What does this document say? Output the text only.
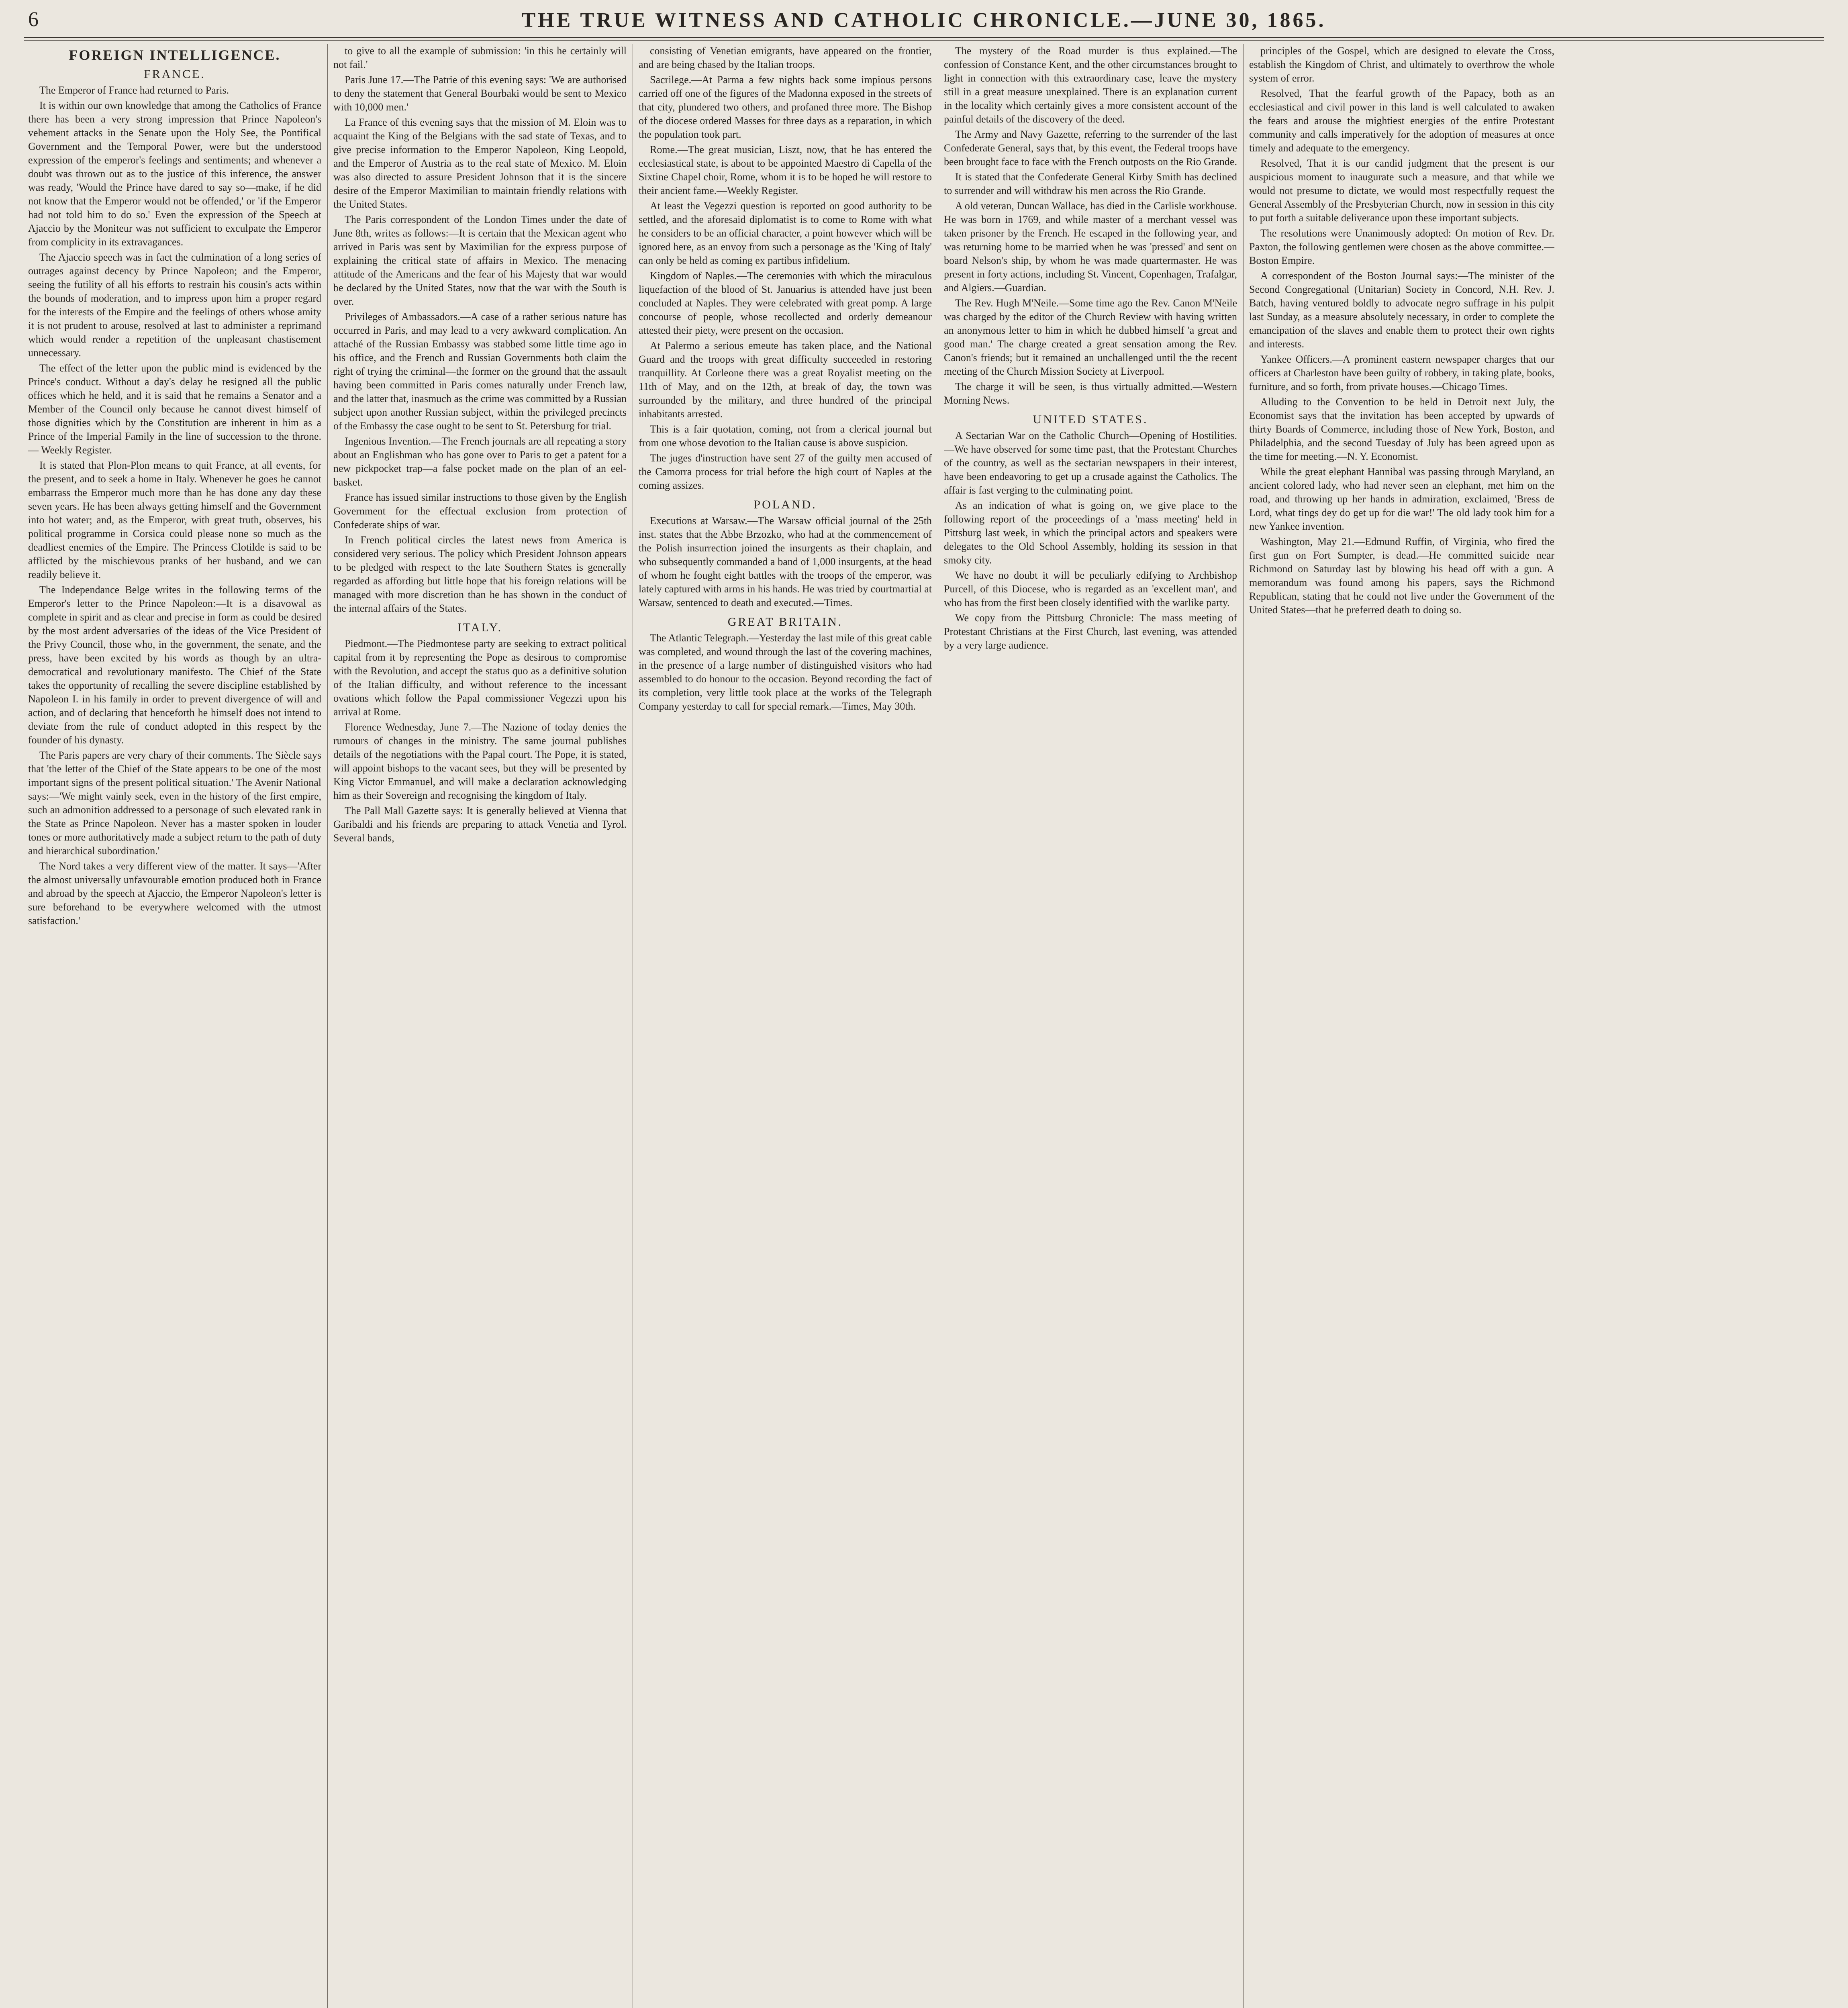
6	THE TRUE WITNESS AND CATHOLIC CHRONICLE.—JUNE 30, 1865.
FOREIGN INTELLIGENCE.
FRANCE.

The Emperor of France had returned to Paris.

It is within our own knowledge that among the Catholics of France there has been a very strong impression that Prince Napoleon's vehement attacks in the Senate upon the Holy See, the Pontifical Government and the Temporal Power, were but the understood expression of the emperor's feelings and sentiments; and whenever a doubt was thrown out as to the justice of this inference, the answer was ready, 'Would the Prince have dared to say so—make, if he did not know that the Emperor would not be offended,' or 'if the Emperor had not told him to do so.' Even the expression of the Speech at Ajaccio by the Moniteur was not sufficient to exculpate the Emperor from complicity in its extravagances.

The Ajaccio speech was in fact the culmination of a long series of outrages against decency by Prince Napoleon; and the Emperor, seeing the futility of all his efforts to restrain his cousin's acts within the bounds of moderation, and to impress upon him a proper regard for the interests of the Empire and the feelings of others whose amity it is not prudent to arouse, resolved at last to administer a reprimand which would render a repetition of the unpleasant chastisement unnecessary.

The effect of the letter upon the public mind is evidenced by the Prince's conduct. Without a day's delay he resigned all the public offices which he held, and it is said that he remains a Senator and a Member of the Council only because he cannot divest himself of those dignities which by the Constitution are inherent in him as a Prince of the Imperial Family in the line of succession to the throne. — Weekly Register.

It is stated that Plon-Plon means to quit France, at all events, for the present, and to seek a home in Italy. Whenever he goes he cannot embarrass the Emperor much more than he has done any day these seven years. He has been always getting himself and the Government into hot water; and, as the Emperor, with great truth, observes, his political programme in Corsica could please none so much as the deadliest enemies of the Empire. The Princess Clotilde is said to be afflicted by the mischievous pranks of her husband, and we can readily believe it.

The Independance Belge writes in the following terms of the Emperor's letter to the Prince Napoleon:—It is a disavowal as complete in spirit and as clear and precise in form as could be desired by the most ardent adversaries of the ideas of the Vice President of the Privy Council, those who, in the government, the senate, and the press, have been excited by his words as though by an ultra-democratical and revolutionary manifesto. The Chief of the State takes the opportunity of recalling the severe discipline established by Napoleon I. in his family in order to prevent divergence of will and action, and of declaring that henceforth he himself does not intend to deviate from the rule of conduct adopted in this respect by the founder of his dynasty.

The Paris papers are very chary of their comments. The Siècle says that 'the letter of the Chief of the State appears to be one of the most important signs of the present political situation.' The Avenir National says:—'We might vainly seek, even in the history of the first empire, such an admonition addressed to a personage of such elevated rank in the State as Prince Napoleon. Never has a master spoken in louder tones or more authoritatively made a subject return to the path of duty and hierarchical subordination.'

The Nord takes a very different view of the matter. It says—'After the almost universally unfavourable emotion produced both in France and abroad by the speech at Ajaccio, the Emperor Napoleon's letter is sure beforehand to be everywhere welcomed with the utmost satisfaction.'

to give to all the example of submission: 'in this he certainly will not fail.'

Paris June 17.—The Patrie of this evening says: 'We are authorised to deny the statement that General Bourbaki would be sent to Mexico with 10,000 men.'

La France of this evening says that the mission of M. Eloin was to acquaint the King of the Belgians with the sad state of Texas, and to give precise information to the Emperor Napoleon, King Leopold, and the Emperor of Austria as to the real state of Mexico. M. Eloin was also directed to assure President Johnson that it is the sincere desire of the Emperor Maximilian to maintain friendly relations with the United States.

The Paris correspondent of the London Times under the date of June 8th, writes as follows:—It is certain that the Mexican agent who arrived in Paris was sent by Maximilian for the express purpose of explaining the critical state of affairs in Mexico. The menacing attitude of the Americans and the fear of his Majesty that war would be declared by the United States, now that the war with the South is over.

Privileges of Ambassadors.—A case of a rather serious nature has occurred in Paris, and may lead to a very awkward complication. An attaché of the Russian Embassy was stabbed some little time ago in his office, and the French and Russian Governments both claim the right of trying the criminal—the former on the ground that the assault having been committed in Paris comes naturally under French law, and the latter that, inasmuch as the crime was committed by a Russian subject upon another Russian subject, within the privileged precincts of the Embassy the case ought to be sent to St. Petersburg for trial.

Ingenious Invention.—The French journals are all repeating a story about an Englishman who has gone over to Paris to get a patent for a new pickpocket trap—a false pocket made on the plan of an eel-basket.

France has issued similar instructions to those given by the English Government for the effectual exclusion from protection of Confederate ships of war.

In French political circles the latest news from America is considered very serious. The policy which President Johnson appears to be pledged with respect to the late Southern States is generally regarded as affording but little hope that his foreign relations will be managed with more discretion than he has shown in the conduct of the internal affairs of the States.

ITALY.

Piedmont.—The Piedmontese party are seeking to extract political capital from it by representing the Pope as desirous to compromise with the Revolution, and accept the status quo as a definitive solution of the Italian difficulty, and without reference to the incessant ovations which follow the Papal commissioner Vegezzi upon his arrival at Rome.

Florence Wednesday, June 7.—The Nazione of today denies the rumours of changes in the ministry. The same journal publishes details of the negotiations with the Papal court. The Pope, it is stated, will appoint bishops to the vacant sees, but they will be presented by King Victor Emmanuel, and will make a declaration acknowledging him as their Sovereign and recognising the kingdom of Italy.

The Pall Mall Gazette says: It is generally believed at Vienna that Garibaldi and his friends are preparing to attack Venetia and Tyrol. Several bands,

consisting of Venetian emigrants, have appeared on the frontier, and are being chased by the Italian troops.

Sacrilege.—At Parma a few nights back some impious persons carried off one of the figures of the Madonna exposed in the streets of that city, plundered two others, and profaned three more. The Bishop of the diocese ordered Masses for three days as a reparation, in which the population took part.

Rome.—The great musician, Liszt, now, that he has entered the ecclesiastical state, is about to be appointed Maestro di Capella of the Sixtine Chapel choir, Rome, whom it is to be hoped he will restore to their ancient fame.—Weekly Register.

At least the Vegezzi question is reported on good authority to be settled, and the aforesaid diplomatist is to come to Rome with what he considers to be an official character, a point however which will be ignored here, as an envoy from such a personage as the 'King of Italy' can only be held as coming ex partibus infidelium.

Kingdom of Naples.—The ceremonies with which the miraculous liquefaction of the blood of St. Januarius is attended have just been concluded at Naples. They were celebrated with great pomp. A large concourse of people, whose recollected and orderly demeanour attested their piety, were present on the occasion.

At Palermo a serious emeute has taken place, and the National Guard and the troops with great difficulty succeeded in restoring tranquillity. At Corleone there was a great Royalist meeting on the 11th of May, and on the 12th, at break of day, the town was surrounded by the military, and three hundred of the principal inhabitants arrested.

This is a fair quotation, coming, not from a clerical journal but from one whose devotion to the Italian cause is above suspicion.

The juges d'instruction have sent 27 of the guilty men accused of the Camorra process for trial before the high court of Naples at the coming assizes.

POLAND.

Executions at Warsaw.—The Warsaw official journal of the 25th inst. states that the Abbe Brzozko, who had at the commencement of the Polish insurrection joined the insurgents as their chaplain, and who subsequently commanded a band of 1,000 insurgents, at the head of whom he fought eight battles with the troops of the emperor, was lately captured with arms in his hands. He was tried by courtmartial at Warsaw, sentenced to death and executed.—Times.

GREAT BRITAIN.

The Atlantic Telegraph.—Yesterday the last mile of this great cable was completed, and wound through the last of the covering machines, in the presence of a large number of distinguished visitors who had assembled to do honour to the occasion. Beyond recording the fact of its completion, very little took place at the works of the Telegraph Company yesterday to call for special remark.—Times, May 30th.

The mystery of the Road murder is thus explained.—The confession of Constance Kent, and the other circumstances brought to light in connection with this extraordinary case, leave the mystery still in a great measure unexplained. There is an explanation current in the locality which certainly gives a more consistent account of the painful details of the discovery of the deed.

The Army and Navy Gazette, referring to the surrender of the last Confederate General, says that, by this event, the Federal troops have been brought face to face with the French outposts on the Rio Grande.

It is stated that the Confederate General Kirby Smith has declined to surrender and will withdraw his men across the Rio Grande.

A old veteran, Duncan Wallace, has died in the Carlisle workhouse. He was born in 1769, and while master of a merchant vessel was taken prisoner by the French. He escaped in the following year, and was returning home to be married when he was 'pressed' and sent on board Nelson's ship, by whom he was made quartermaster. He was present in forty actions, including St. Vincent, Copenhagen, Trafalgar, and Algiers.—Guardian.

The Rev. Hugh M'Neile.—Some time ago the Rev. Canon M'Neile was charged by the editor of the Church Review with having written an anonymous letter to him in which he dubbed himself 'a great and good man.' The charge created a great sensation among the Rev. Canon's friends; but it remained an unchallenged until the the recent meeting of the Church Mission Society at Liverpool.

The charge it will be seen, is thus virtually admitted.—Western Morning News.

UNITED STATES.

A Sectarian War on the Catholic Church—Opening of Hostilities.—We have observed for some time past, that the Protestant Churches of the country, as well as the sectarian newspapers in their interest, have been endeavoring to get up a crusade against the Catholics. The affair is fast verging to the culminating point.

As an indication of what is going on, we give place to the following report of the proceedings of a 'mass meeting' held in Pittsburg last week, in which the principal actors and speakers were delegates to the Old School Assembly, holding its session in that smoky city.

We have no doubt it will be peculiarly edifying to Archbishop Purcell, of this Diocese, who is regarded as an 'excellent man', and who has from the first been closely identified with the warlike party.

We copy from the Pittsburg Chronicle: The mass meeting of Protestant Christians at the First Church, last evening, was attended by a very large audience.

principles of the Gospel, which are designed to elevate the Cross, establish the Kingdom of Christ, and ultimately to overthrow the whole system of error.

Resolved, That the fearful growth of the Papacy, both as an ecclesiastical and civil power in this land is well calculated to awaken the fears and arouse the mightiest energies of the entire Protestant community and calls imperatively for the adoption of measures at once timely and adequate to the emergency.

Resolved, That it is our candid judgment that the present is our auspicious moment to inaugurate such a measure, and that while we would not presume to dictate, we would most respectfully request the General Assembly of the Presbyterian Church, now in session in this city to put forth a suitable deliverance upon these important subjects.

The resolutions were Unanimously adopted: On motion of Rev. Dr. Paxton, the following gentlemen were chosen as the above committee.—Boston Empire.

A correspondent of the Boston Journal says:—The minister of the Second Congregational (Unitarian) Society in Concord, N.H. Rev. J. Batch, having ventured boldly to advocate negro suffrage in his pulpit last Sunday, as a measure absolutely necessary, in order to complete the emancipation of the slaves and enable them to protect their own rights and interests.

Yankee Officers.—A prominent eastern newspaper charges that our officers at Charleston have been guilty of robbery, in taking plate, books, furniture, and so forth, from private houses.—Chicago Times.

Alluding to the Convention to be held in Detroit next July, the Economist says that the invitation has been accepted by upwards of thirty Boards of Commerce, including those of New York, Boston, and Philadelphia, and the second Tuesday of July has been agreed upon as the time for meeting.—N. Y. Economist.

While the great elephant Hannibal was passing through Maryland, an ancient colored lady, who had never seen an elephant, met him on the road, and throwing up her hands in admiration, exclaimed, 'Bress de Lord, what tings dey do get up for die war!' The old lady took him for a new Yankee invention.

Washington, May 21.—Edmund Ruffin, of Virginia, who fired the first gun on Fort Sumpter, is dead.—He committed suicide near Richmond on Saturday last by blowing his head off with a gun. A memorandum was found among his papers, says the Richmond Republican, stating that he could not live under the Government of the United States—that he preferred death to doing so.
